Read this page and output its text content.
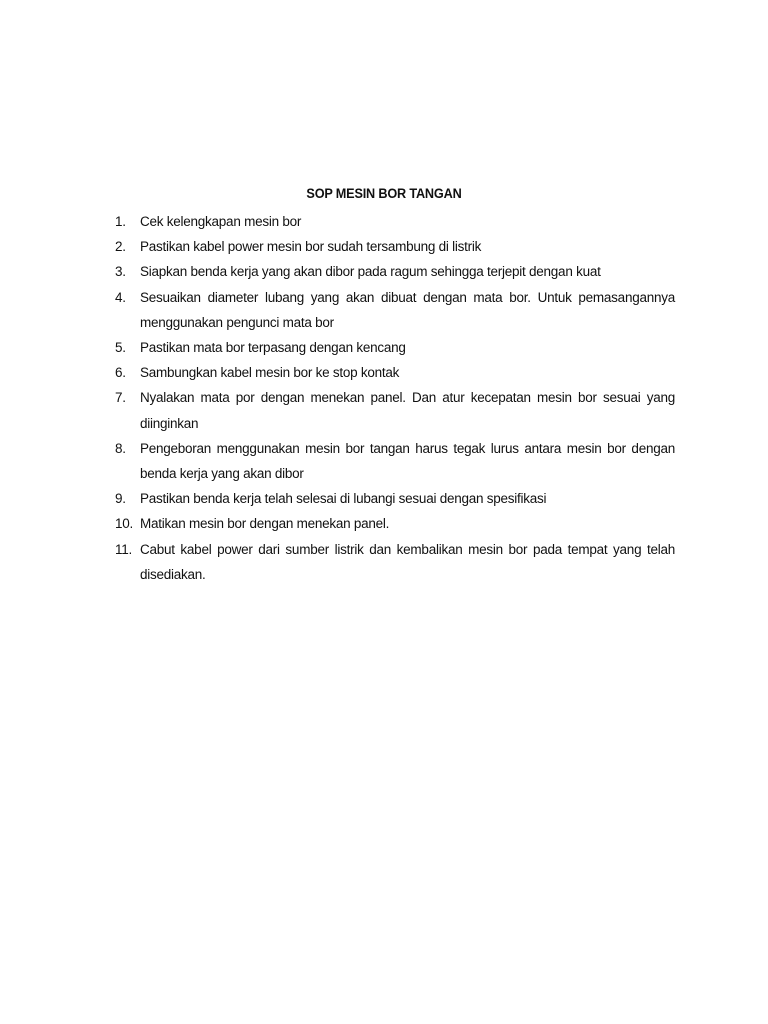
SOP MESIN BOR TANGAN
1.	Cek kelengkapan mesin bor
2.	Pastikan kabel power mesin bor sudah tersambung di listrik
3.	Siapkan benda kerja yang akan dibor pada ragum sehingga terjepit dengan kuat
4.	Sesuaikan diameter lubang yang akan dibuat dengan mata bor. Untuk pemasangannya menggunakan pengunci mata bor
5.	Pastikan mata bor terpasang dengan kencang
6.	Sambungkan kabel mesin bor ke stop kontak
7.	Nyalakan mata por dengan menekan panel. Dan atur kecepatan mesin bor sesuai yang diinginkan
8.	Pengeboran menggunakan mesin bor tangan harus tegak lurus antara mesin bor dengan benda kerja yang akan dibor
9.	Pastikan benda kerja telah selesai di lubangi sesuai dengan spesifikasi
10. Matikan mesin bor dengan menekan panel.
11. Cabut kabel power dari sumber listrik dan kembalikan mesin bor pada tempat yang telah disediakan.
